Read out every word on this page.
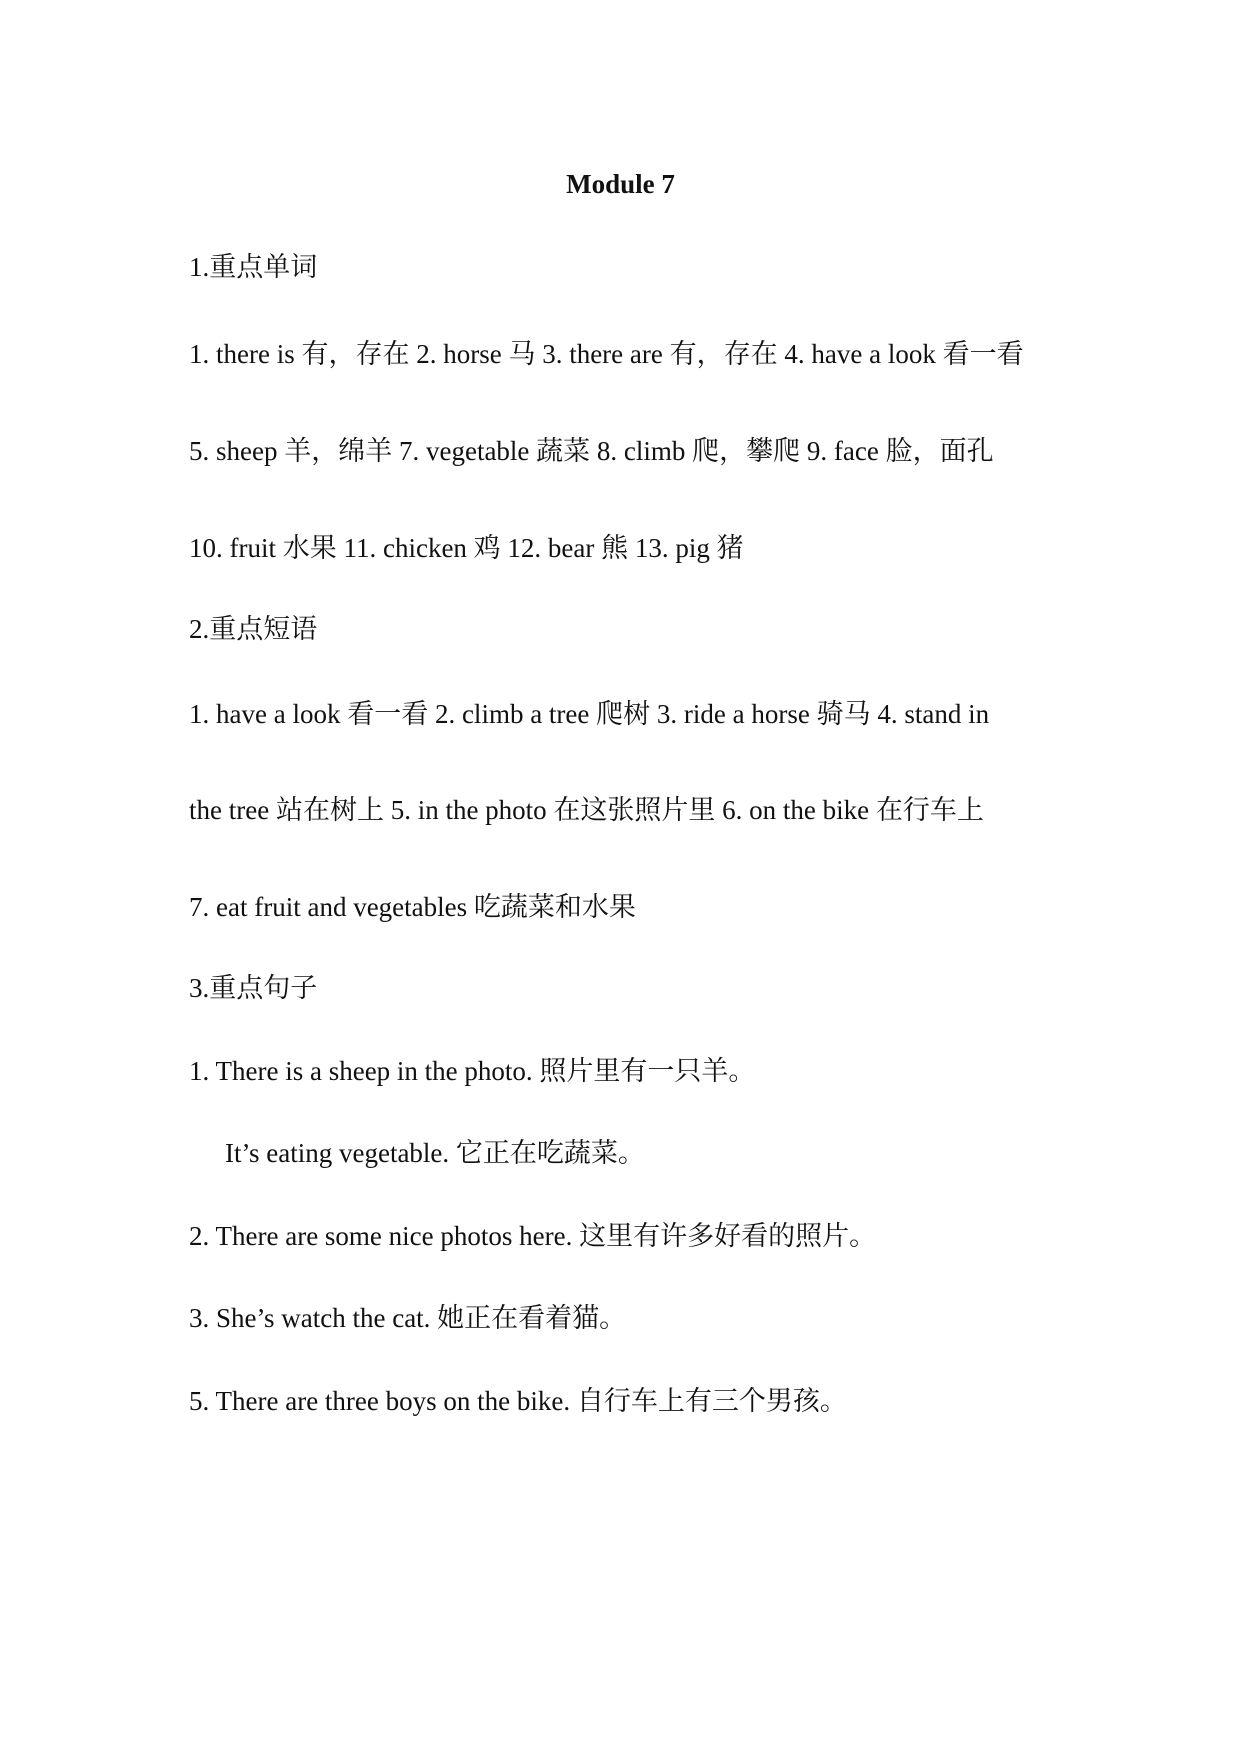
Module 7
1.重点单词
1. there is 有，存在 2. horse 马 3. there are 有，存在 4. have a look 看一看
5. sheep 羊，绵羊 7. vegetable 蔬菜 8. climb 爬，攀爬 9. face 脸，面孔
10. fruit 水果 11. chicken 鸡 12. bear 熊 13. pig 猪
2.重点短语
1. have a look 看一看 2. climb a tree 爬树 3. ride a horse 骑马 4. stand in
the tree 站在树上 5. in the photo 在这张照片里 6. on the bike 在行车上
7. eat fruit and vegetables 吃蔬菜和水果
3.重点句子
1. There is a sheep in the photo. 照片里有一只羊。
It’s eating vegetable. 它正在吃蔬菜。
2. There are some nice photos here. 这里有许多好看的照片。
3. She’s watch the cat. 她正在看着猫。
5. There are three boys on the bike. 自行车上有三个男孩。
